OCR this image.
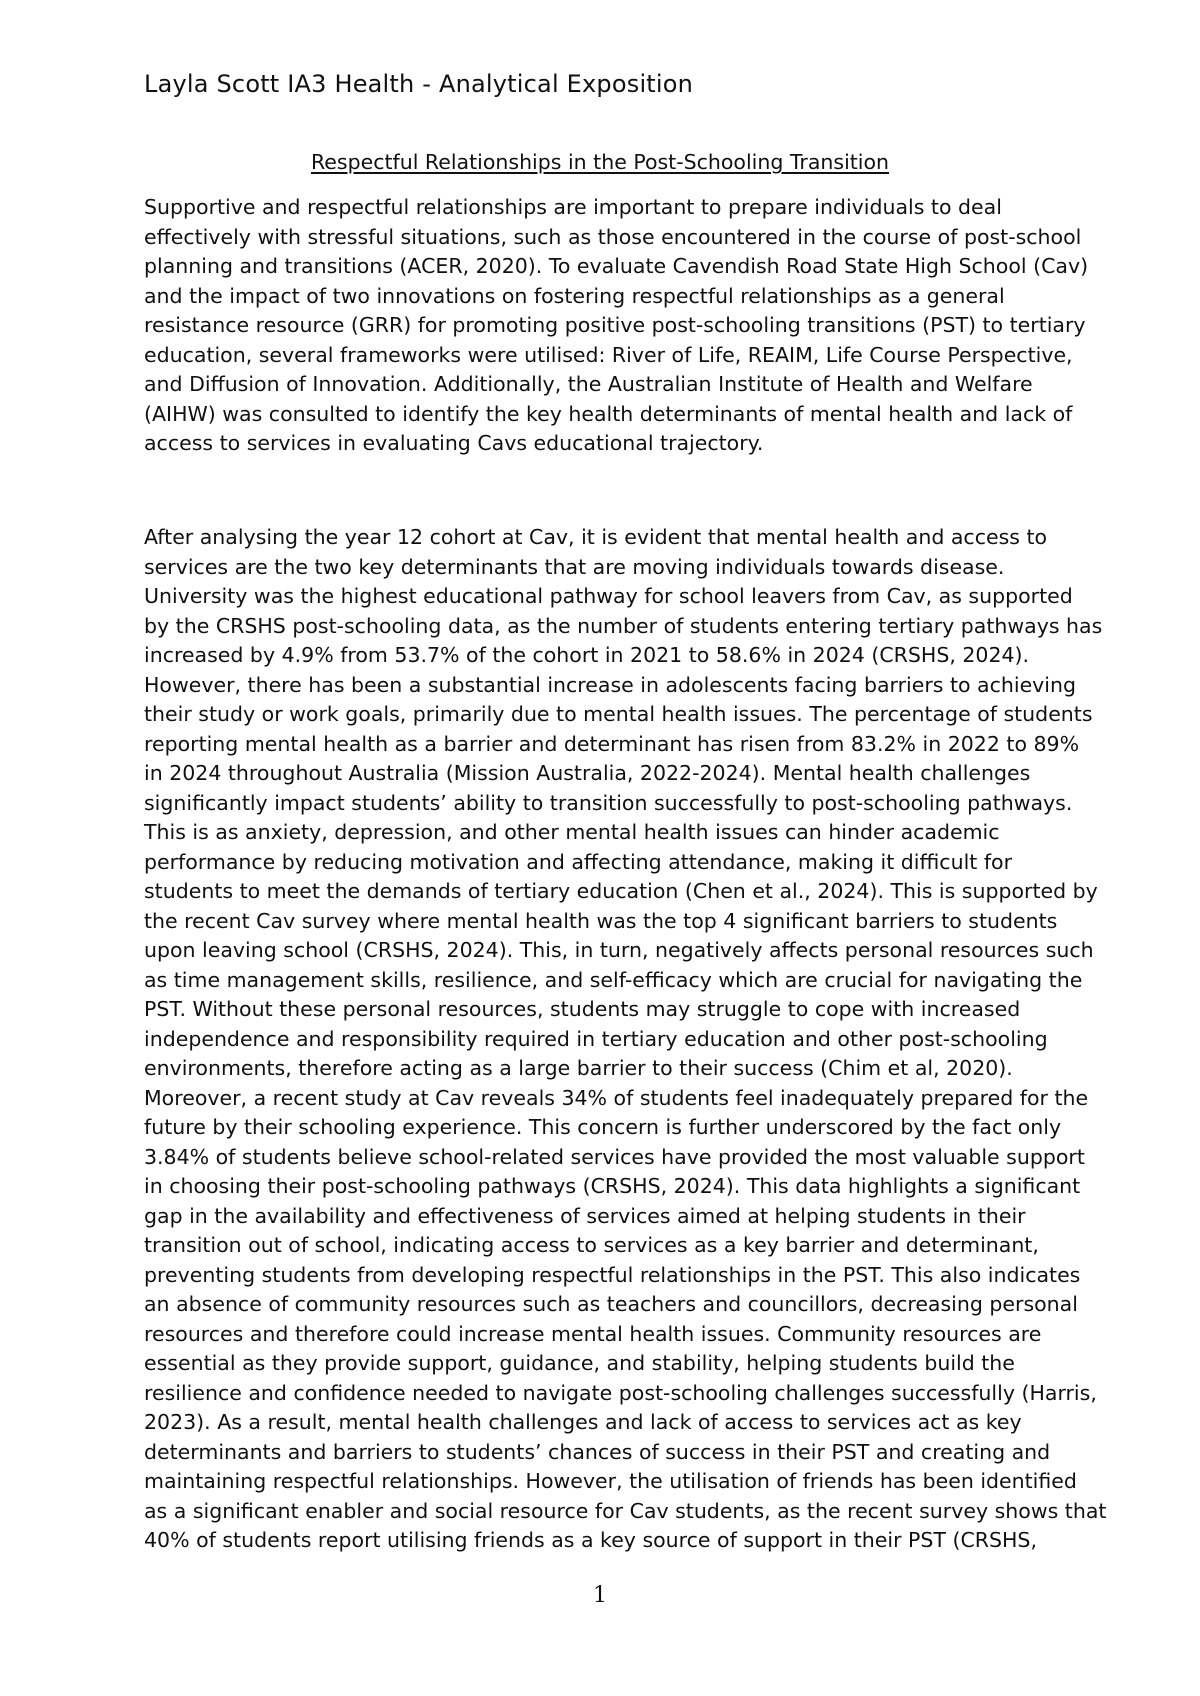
Layla Scott IA3 Health - Analytical Exposition
Respectful Relationships in the Post-Schooling Transition
Supportive and respectful relationships are important to prepare individuals to deal
effectively with stressful situations, such as those encountered in the course of post-school
planning and transitions (ACER, 2020). To evaluate Cavendish Road State High School (Cav)
and the impact of two innovations on fostering respectful relationships as a general
resistance resource (GRR) for promoting positive post-schooling transitions (PST) to tertiary
education, several frameworks were utilised: River of Life, REAIM, Life Course Perspective,
and Diffusion of Innovation. Additionally, the Australian Institute of Health and Welfare
(AIHW) was consulted to identify the key health determinants of mental health and lack of
access to services in evaluating Cavs educational trajectory.
After analysing the year 12 cohort at Cav, it is evident that mental health and access to
services are the two key determinants that are moving individuals towards disease.
University was the highest educational pathway for school leavers from Cav, as supported
by the CRSHS post-schooling data, as the number of students entering tertiary pathways has
increased by 4.9% from 53.7% of the cohort in 2021 to 58.6% in 2024 (CRSHS, 2024).
However, there has been a substantial increase in adolescents facing barriers to achieving
their study or work goals, primarily due to mental health issues. The percentage of students
reporting mental health as a barrier and determinant has risen from 83.2% in 2022 to 89%
in 2024 throughout Australia (Mission Australia, 2022-2024). Mental health challenges
significantly impact students’ ability to transition successfully to post-schooling pathways.
This is as anxiety, depression, and other mental health issues can hinder academic
performance by reducing motivation and affecting attendance, making it difficult for
students to meet the demands of tertiary education (Chen et al., 2024). This is supported by
the recent Cav survey where mental health was the top 4 significant barriers to students
upon leaving school (CRSHS, 2024). This, in turn, negatively affects personal resources such
as time management skills, resilience, and self-efficacy which are crucial for navigating the
PST. Without these personal resources, students may struggle to cope with increased
independence and responsibility required in tertiary education and other post-schooling
environments, therefore acting as a large barrier to their success (Chim et al, 2020).
Moreover, a recent study at Cav reveals 34% of students feel inadequately prepared for the
future by their schooling experience. This concern is further underscored by the fact only
3.84% of students believe school-related services have provided the most valuable support
in choosing their post-schooling pathways (CRSHS, 2024). This data highlights a significant
gap in the availability and effectiveness of services aimed at helping students in their
transition out of school, indicating access to services as a key barrier and determinant,
preventing students from developing respectful relationships in the PST. This also indicates
an absence of community resources such as teachers and councillors, decreasing personal
resources and therefore could increase mental health issues. Community resources are
essential as they provide support, guidance, and stability, helping students build the
resilience and confidence needed to navigate post-schooling challenges successfully (Harris,
2023). As a result, mental health challenges and lack of access to services act as key
determinants and barriers to students’ chances of success in their PST and creating and
maintaining respectful relationships. However, the utilisation of friends has been identified
as a significant enabler and social resource for Cav students, as the recent survey shows that
40% of students report utilising friends as a key source of support in their PST (CRSHS,
1
